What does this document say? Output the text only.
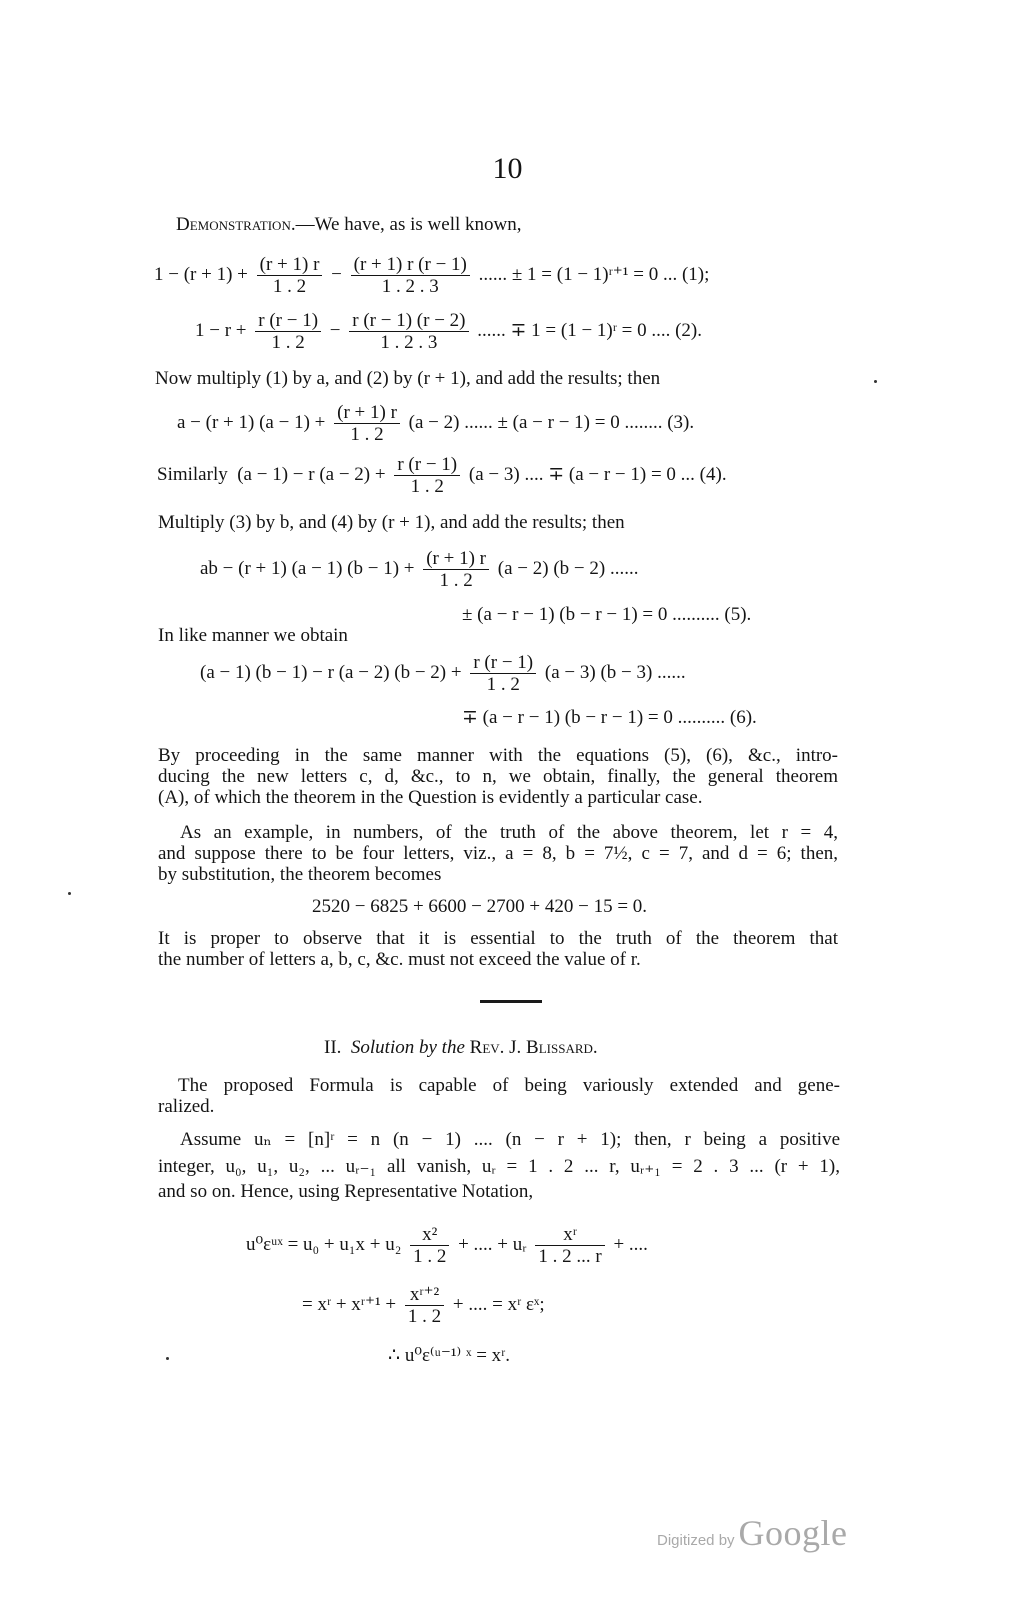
10
Demonstration.—We have, as is well known,
$1 - (r + 1) + \frac{(r + 1) r}{1 . 2} - \frac{(r + 1) r (r - 1)}{1 . 2 . 3}$ ...... ± 1 = (1 − 1)ʳ⁺¹ = 0 ... (1);
$1 - r + \frac{r (r - 1)}{1 . 2} - \frac{r (r - 1) (r - 2)}{1 . 2 . 3}$ ...... ∓ 1 = (1 − 1)ʳ = 0 .... (2).
Now multiply (1) by a, and (2) by (r + 1), and add the results; then
a − (r + 1) $(a - 1) + \frac{(r + 1) r}{1 . 2} (a - 2)$ ...... ± (a − r − 1) = 0 ........ (3).
Similarly (a − 1) − r $(a - 2) + \frac{r (r - 1)}{1 . 2} (a - 3)$ .... ∓ (a − r − 1) = 0 ... (4).
Multiply (3) by b, and (4) by (r + 1), and add the results; then
ab − (r + 1) (a − 1) $(b - 1) + \frac{(r + 1) r}{1 . 2} (a - 2) (b - 2)$ ......
± (a − r − 1) (b − r − 1) = 0 .......... (5).
In like manner we obtain
(a − 1) (b − 1) − r (a − 2) $(b - 2) + \frac{r (r - 1)}{1 . 2} (a - 3) (b - 3)$ ......
∓ (a − r − 1) (b − r − 1) = 0 .......... (6).
By proceeding in the same manner with the equations (5), (6), &c., intro-
ducing the new letters c, d, &c., to n, we obtain, finally, the general theorem
(A), of which the theorem in the Question is evidently a particular case.
As an example, in numbers, of the truth of the above theorem, let r = 4,
and suppose there to be four letters, viz., a = 8, b = 7½, c = 7, and d = 6; then,
by substitution, the theorem becomes
2520 − 6825 + 6600 − 2700 + 420 − 15 = 0.
It is proper to observe that it is essential to the truth of the theorem that
the number of letters a, b, c, &c. must not exceed the value of r.
II. Solution by the Rev. J. Blissard.
The proposed Formula is capable of being variously extended and gene-
ralized.
Assume uₙ = [n]ʳ = n (n − 1) .... (n − r + 1); then, r being a positive
integer, u₀, u₁, u₂, ... uᵣ₋₁ all vanish, uᵣ = 1 . 2 ... r, uᵣ₊₁ = 2 . 3 ... (r + 1),
and so on. Hence, using Representative Notation,
u⁰εᵘˣ = $u_0 + u_1x + u_2 \frac{\text{x²}}{1 . 2}$ + .... + uᵣ $\frac{\text{xʳ}}{1 . 2 ... r}$ + ....
= xʳ + xʳ⁺¹ + $\frac{\text{xʳ⁺²}}{1 . 2}$ + .... = xʳ εˣ;
∴ u⁰ε⁽ᵘ⁻¹⁾ ˣ = xʳ.
Digitized by Google
